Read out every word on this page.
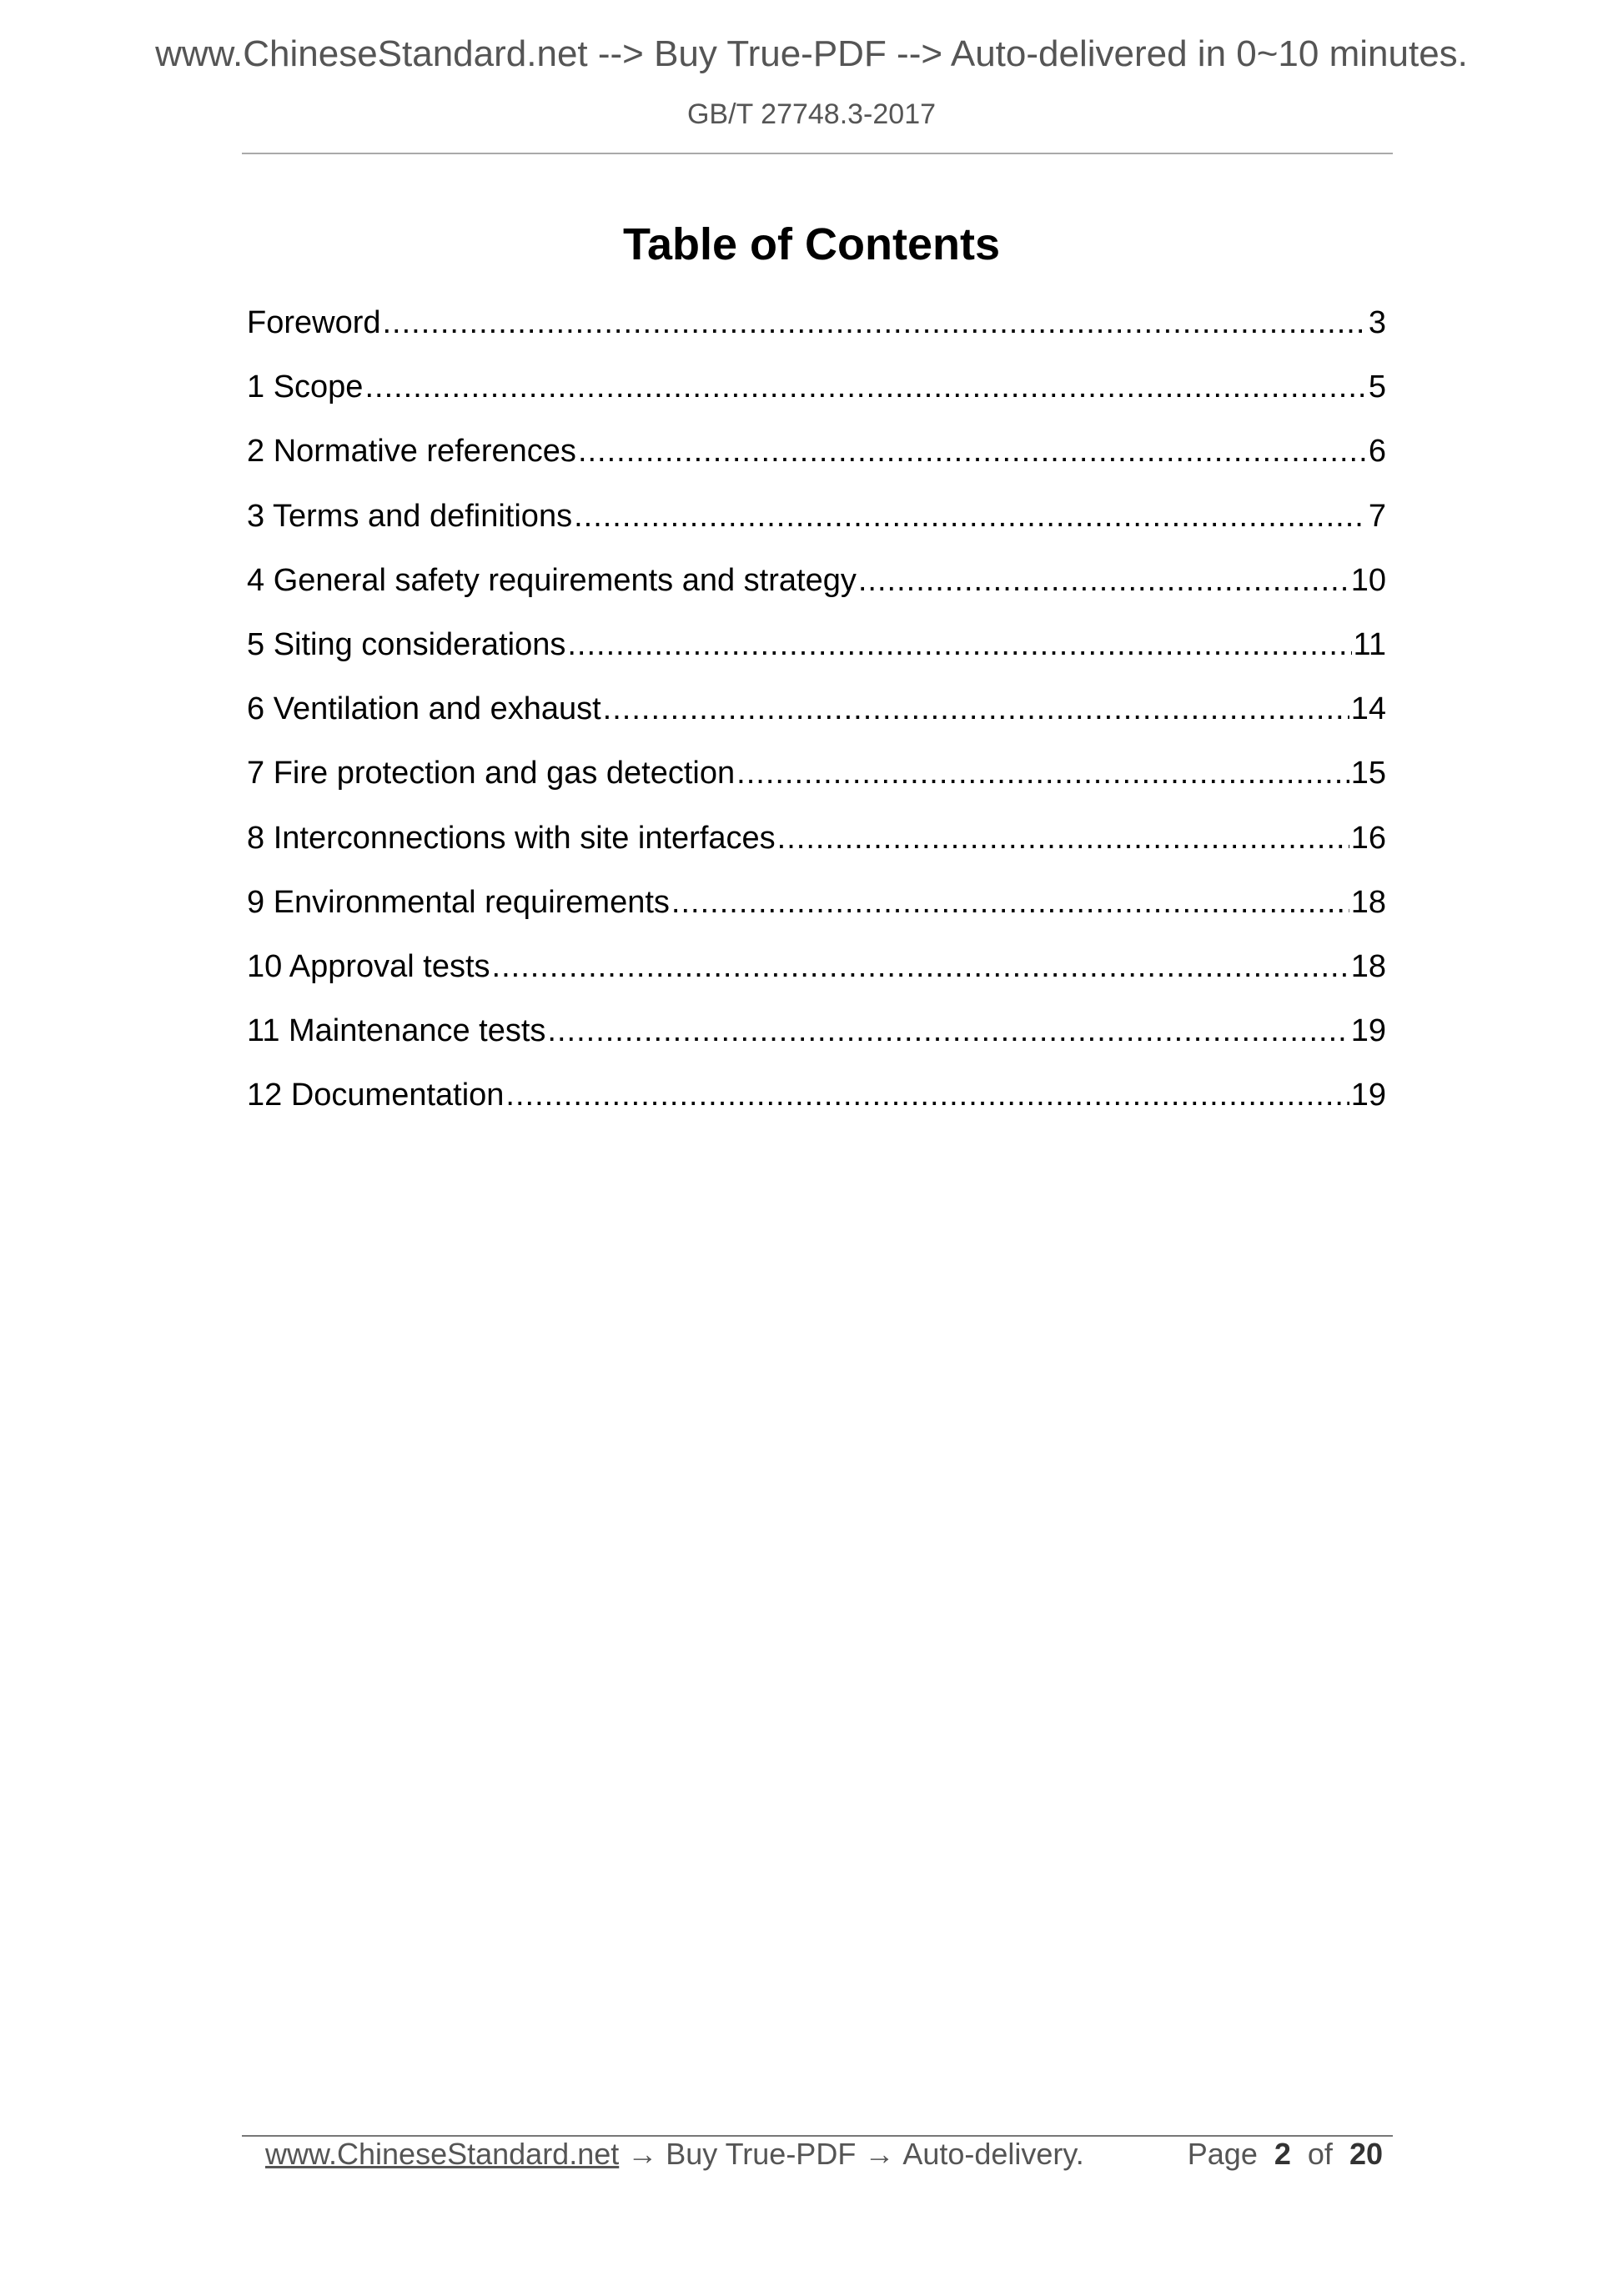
www.ChineseStandard.net --> Buy True-PDF --> Auto-delivered in 0~10 minutes.
GB/T 27748.3-2017
Table of Contents
Foreword .....	3
1 Scope .....	5
2 Normative references .....	6
3 Terms and definitions .....	7
4 General safety requirements and strategy .....	10
5 Siting considerations .....	11
6 Ventilation and exhaust .....	14
7 Fire protection and gas detection .....	15
8 Interconnections with site interfaces .....	16
9 Environmental requirements .....	18
10 Approval tests .....	18
11 Maintenance tests .....	19
12 Documentation .....	19
www.ChineseStandard.net → Buy True-PDF → Auto-delivery.	Page 2 of 20
